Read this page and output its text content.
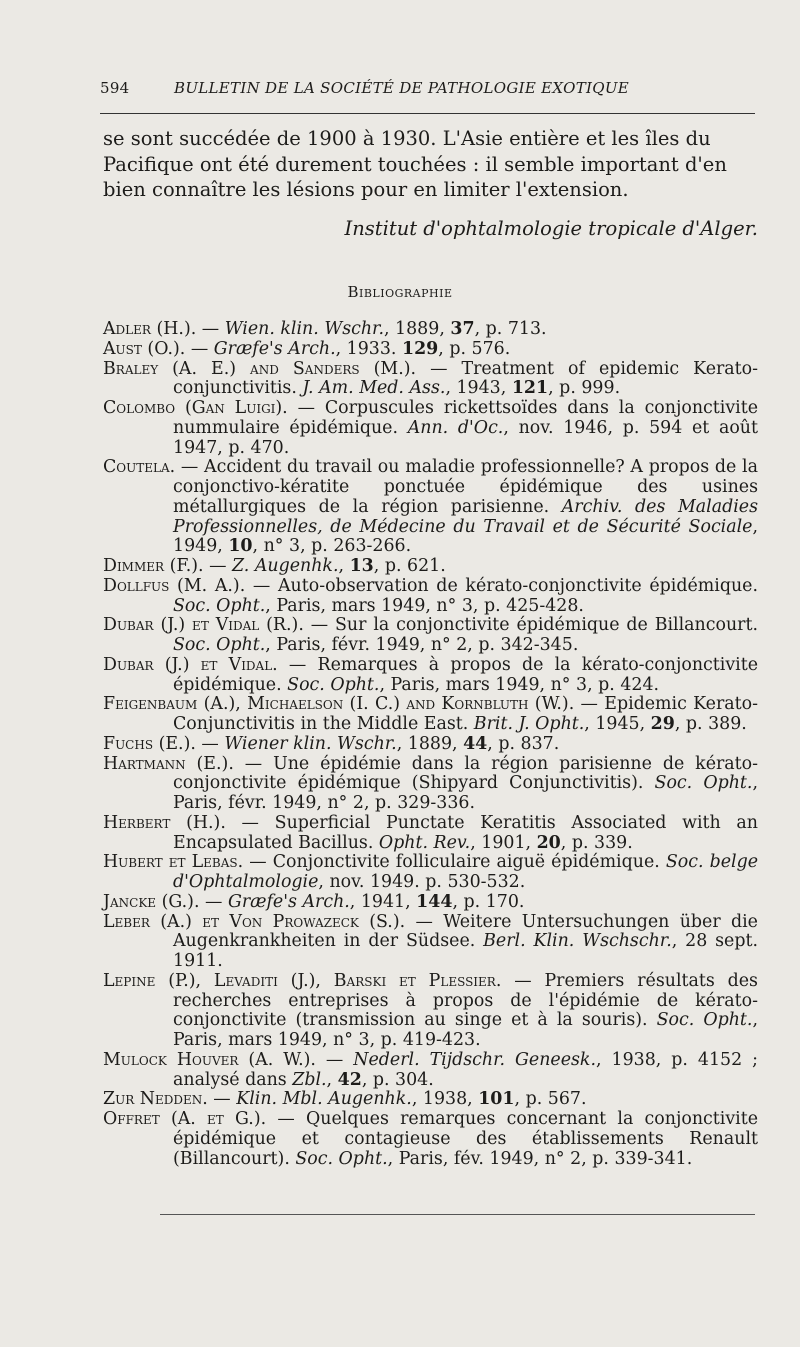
594	BULLETIN DE LA SOCIÉTÉ DE PATHOLOGIE EXOTIQUE

se sont succédée de 1900 à 1930. L'Asie entière et les îles du Pacifique ont été durement touchées : il semble important d'en bien connaître les lésions pour en limiter l'extension.

Institut d'ophtalmologie tropicale d'Alger.
Bibliographie
Adler (H.). — Wien. klin. Wschr., 1889, 37, p. 713.
Aust (O.). — Græfe's Arch., 1933. 129, p. 576.
Braley (A. E.) and Sanders (M.). — Treatment of epidemic Kerato-conjunctivitis. J. Am. Med. Ass., 1943, 121, p. 999.
Colombo (Gan Luigi). — Corpuscules rickettsoïdes dans la conjonctivite nummulaire épidémique. Ann. d'Oc., nov. 1946, p. 594 et août 1947, p. 470.
Coutela. — Accident du travail ou maladie professionnelle? A propos de la conjonctivo-kératite ponctuée épidémique des usines métallurgiques de la région parisienne. Archiv. des Maladies Professionnelles, de Médecine du Travail et de Sécurité Sociale, 1949, 10, n° 3, p. 263-266.
Dimmer (F.). — Z. Augenhk., 13, p. 621.
Dollfus (M. A.). — Auto-observation de kérato-conjonctivite épidémique. Soc. Opht., Paris, mars 1949, n° 3, p. 425-428.
Dubar (J.) et Vidal (R.). — Sur la conjonctivite épidémique de Billancourt. Soc. Opht., Paris, févr. 1949, n° 2, p. 342-345.
Dubar (J.) et Vidal. — Remarques à propos de la kérato-conjonctivite épidémique. Soc. Opht., Paris, mars 1949, n° 3, p. 424.
Feigenbaum (A.), Michaelson (I. C.) and Kornbluth (W.). — Epidemic Kerato-Conjunctivitis in the Middle East. Brit. J. Opht., 1945, 29, p. 389.
Fuchs (E.). — Wiener klin. Wschr., 1889, 44, p. 837.
Hartmann (E.). — Une épidémie dans la région parisienne de kérato-conjonctivite épidémique (Shipyard Conjunctivitis). Soc. Opht., Paris, févr. 1949, n° 2, p. 329-336.
Herbert (H.). — Superficial Punctate Keratitis Associated with an Encapsulated Bacillus. Opht. Rev., 1901, 20, p. 339.
Hubert et Lebas. — Conjonctivite folliculaire aiguë épidémique. Soc. belge d'Ophtalmologie, nov. 1949. p. 530-532.
Jancke (G.). — Græfe's Arch., 1941, 144, p. 170.
Leber (A.) et Von Prowazeck (S.). — Weitere Untersuchungen über die Augenkrankheiten in der Südsee. Berl. Klin. Wschschr., 28 sept. 1911.
Lepine (P.), Levaditi (J.), Barski et Plessier. — Premiers résultats des recherches entreprises à propos de l'épidémie de kérato-conjonctivite (transmission au singe et à la souris). Soc. Opht., Paris, mars 1949, n° 3, p. 419-423.
Mulock Houver (A. W.). — Nederl. Tijdschr. Geneesk., 1938, p. 4152 ; analysé dans Zbl., 42, p. 304.
Zur Nedden. — Klin. Mbl. Augenhk., 1938, 101, p. 567.
Offret (A. et G.). — Quelques remarques concernant la conjonctivite épidémique et contagieuse des établissements Renault (Billancourt). Soc. Opht., Paris, fév. 1949, n° 2, p. 339-341.
